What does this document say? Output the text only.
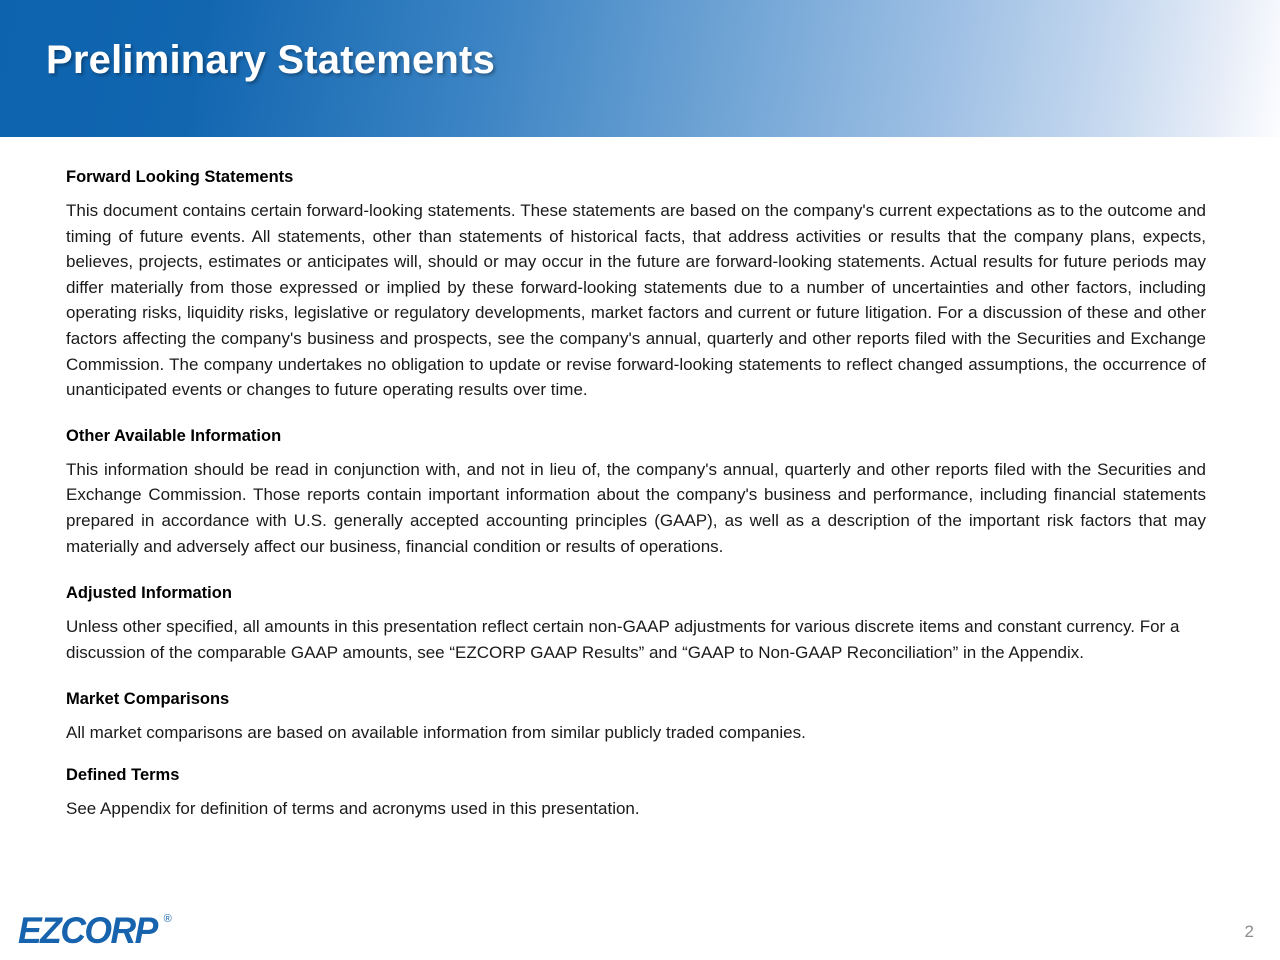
Preliminary Statements
Forward Looking Statements

This document contains certain forward-looking statements. These statements are based on the company's current expectations as to the outcome and timing of future events. All statements, other than statements of historical facts, that address activities or results that the company plans, expects, believes, projects, estimates or anticipates will, should or may occur in the future are forward-looking statements. Actual results for future periods may differ materially from those expressed or implied by these forward-looking statements due to a number of uncertainties and other factors, including operating risks, liquidity risks, legislative or regulatory developments, market factors and current or future litigation. For a discussion of these and other factors affecting the company's business and prospects, see the company's annual, quarterly and other reports filed with the Securities and Exchange Commission. The company undertakes no obligation to update or revise forward-looking statements to reflect changed assumptions, the occurrence of unanticipated events or changes to future operating results over time.

Other Available Information

This information should be read in conjunction with, and not in lieu of, the company's annual, quarterly and other reports filed with the Securities and Exchange Commission. Those reports contain important information about the company's business and performance, including financial statements prepared in accordance with U.S. generally accepted accounting principles (GAAP), as well as a description of the important risk factors that may materially and adversely affect our business, financial condition or results of operations.

Adjusted Information

Unless other specified, all amounts in this presentation reflect certain non-GAAP adjustments for various discrete items and constant currency. For a discussion of the comparable GAAP amounts, see “EZCORP GAAP Results” and “GAAP to Non-GAAP Reconciliation” in the Appendix.

Market Comparisons

All market comparisons are based on available information from similar publicly traded companies.

Defined Terms

See Appendix for definition of terms and acronyms used in this presentation.

EZCORP ®
2
